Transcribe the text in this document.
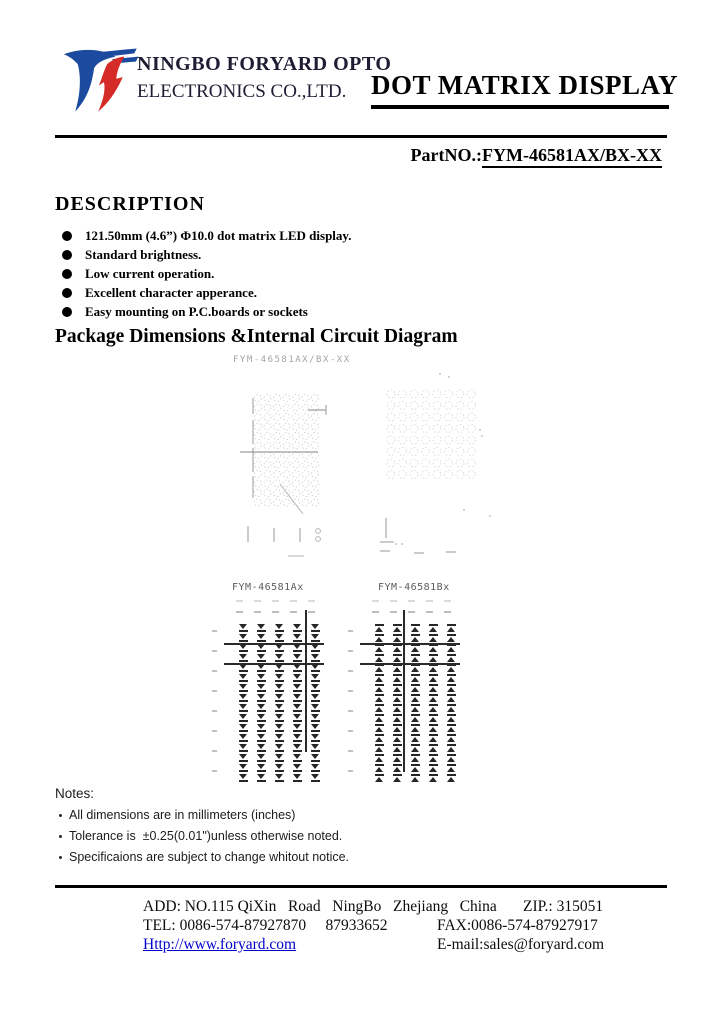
NINGBO FORYARD OPTO
ELECTRONICS CO.,LTD. DOT MATRIX DISPLAY
PartNO.:FYM-46581AX/BX-XX
DESCRIPTION
121.50mm (4.6”) Φ10.0 dot matrix LED display.
Standard brightness.
Low current operation.
Excellent character apperance.
Easy mounting on P.C.boards or sockets
Package Dimensions &Internal Circuit Diagram
FYM-46581AX/BX-XX
FYM-46581Ax	FYM-46581Bx
Notes:
All dimensions are in millimeters (inches)
Tolerance is  ±0.25(0.01")unless otherwise noted.
Specificaions are subject to change whitout notice.
ADD: NO.115 QiXin   Road   NingBo   Zhejiang   China ZIP.: 315051
TEL: 0086-574-87927870     87933652	FAX:0086-574-87927917
Http://www.foryard.com	E-mail:sales@foryard.com
